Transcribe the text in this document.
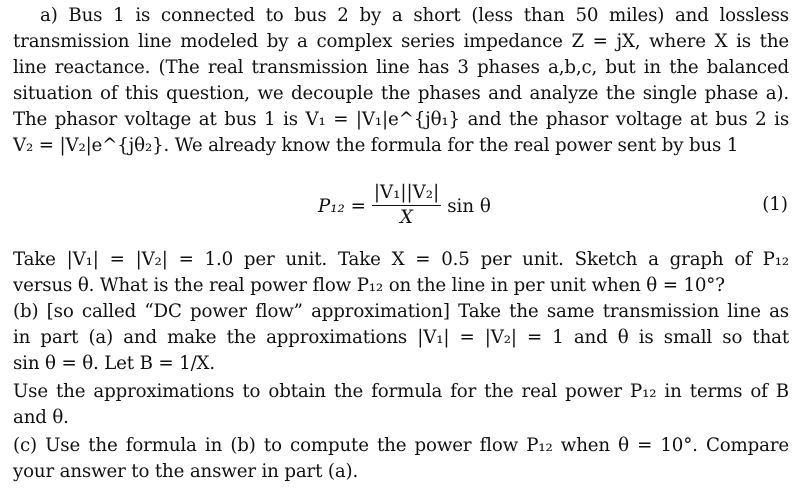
a) Bus 1 is connected to bus 2 by a short (less than 50 miles) and lossless
transmission line modeled by a complex series impedance Z = jX, where X is the
line reactance. (The real transmission line has 3 phases a,b,c, but in the balanced
situation of this question, we decouple the phases and analyze the single phase a).
The phasor voltage at bus 1 is V₁ = |V₁|e^{jθ₁} and the phasor voltage at bus 2 is
V₂ = |V₂|e^{jθ₂}. We already know the formula for the real power sent by bus 1
$P_{12} = \frac{\text{|V₁||V₂|}}{X}$ sin θ	(1)
Take |V₁| = |V₂| = 1.0 per unit. Take X = 0.5 per unit. Sketch a graph of P₁₂
versus θ. What is the real power flow P₁₂ on the line in per unit when θ = 10°?
(b) [so called “DC power flow” approximation] Take the same transmission line as
in part (a) and make the approximations |V₁| = |V₂| = 1 and θ is small so that
sin θ = θ. Let B = 1/X.
Use the approximations to obtain the formula for the real power P₁₂ in terms of B
and θ.
(c) Use the formula in (b) to compute the power flow P₁₂ when θ = 10°. Compare
your answer to the answer in part (a).
